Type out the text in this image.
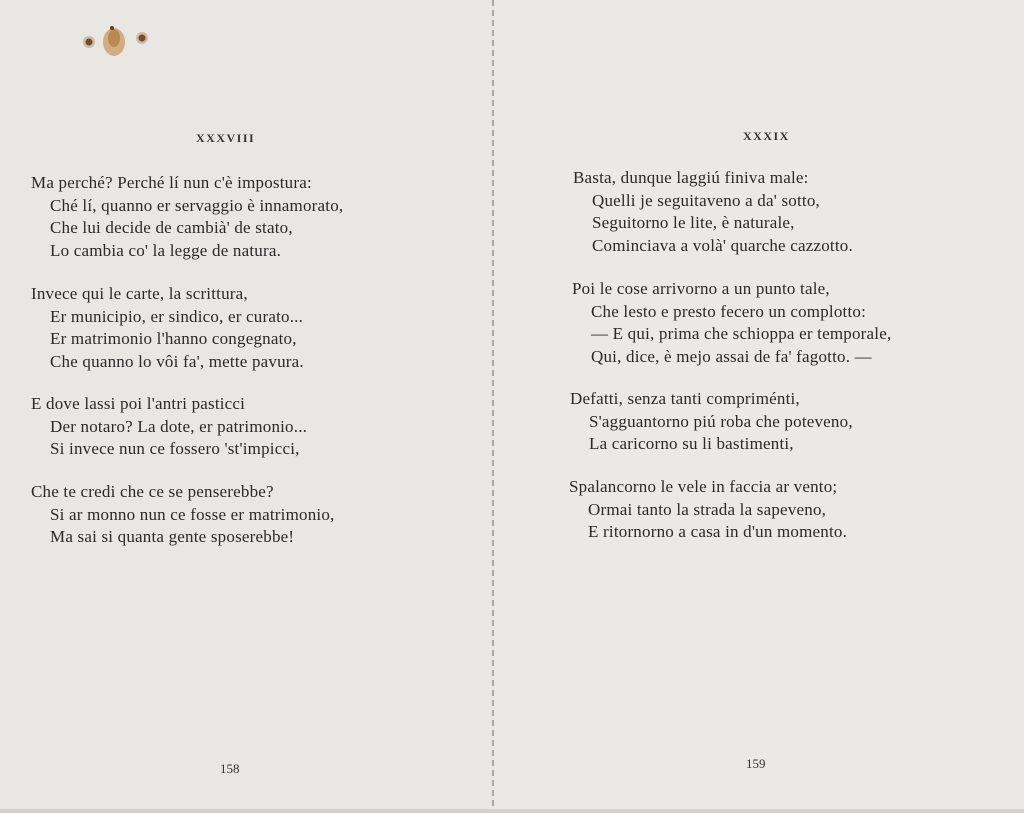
XXXVIII
Ma perché? Perché lí nun c'è impostura:
Ché lí, quanno er servaggio è innamorato,
Che lui decide de cambià' de stato,
Lo cambia co' la legge de natura.
Invece qui le carte, la scrittura,
Er municipio, er sindico, er curato...
Er matrimonio l'hanno congegnato,
Che quanno lo vôi fa', mette pavura.
E dove lassi poi l'antri pasticci
Der notaro? La dote, er patrimonio...
Si invece nun ce fossero 'st'impicci,
Che te credi che ce se penserebbe?
Si ar monno nun ce fosse er matrimonio,
Ma sai si quanta gente sposerebbe!
158
XXXIX
Basta, dunque laggiú finiva male:
Quelli je seguitaveno a da' sotto,
Seguitorno le lite, è naturale,
Cominciava a volà' quarche cazzotto.
Poi le cose arrivorno a un punto tale,
Che lesto e presto fecero un complotto:
— E qui, prima che schioppa er temporale,
Qui, dice, è mejo assai de fa' fagotto. —
Defatti, senza tanti compriménti,
S'agguantorno piú roba che poteveno,
La caricorno su li bastimenti,
Spalancorno le vele in faccia ar vento;
Ormai tanto la strada la sapeveno,
E ritornorno a casa in d'un momento.
159
